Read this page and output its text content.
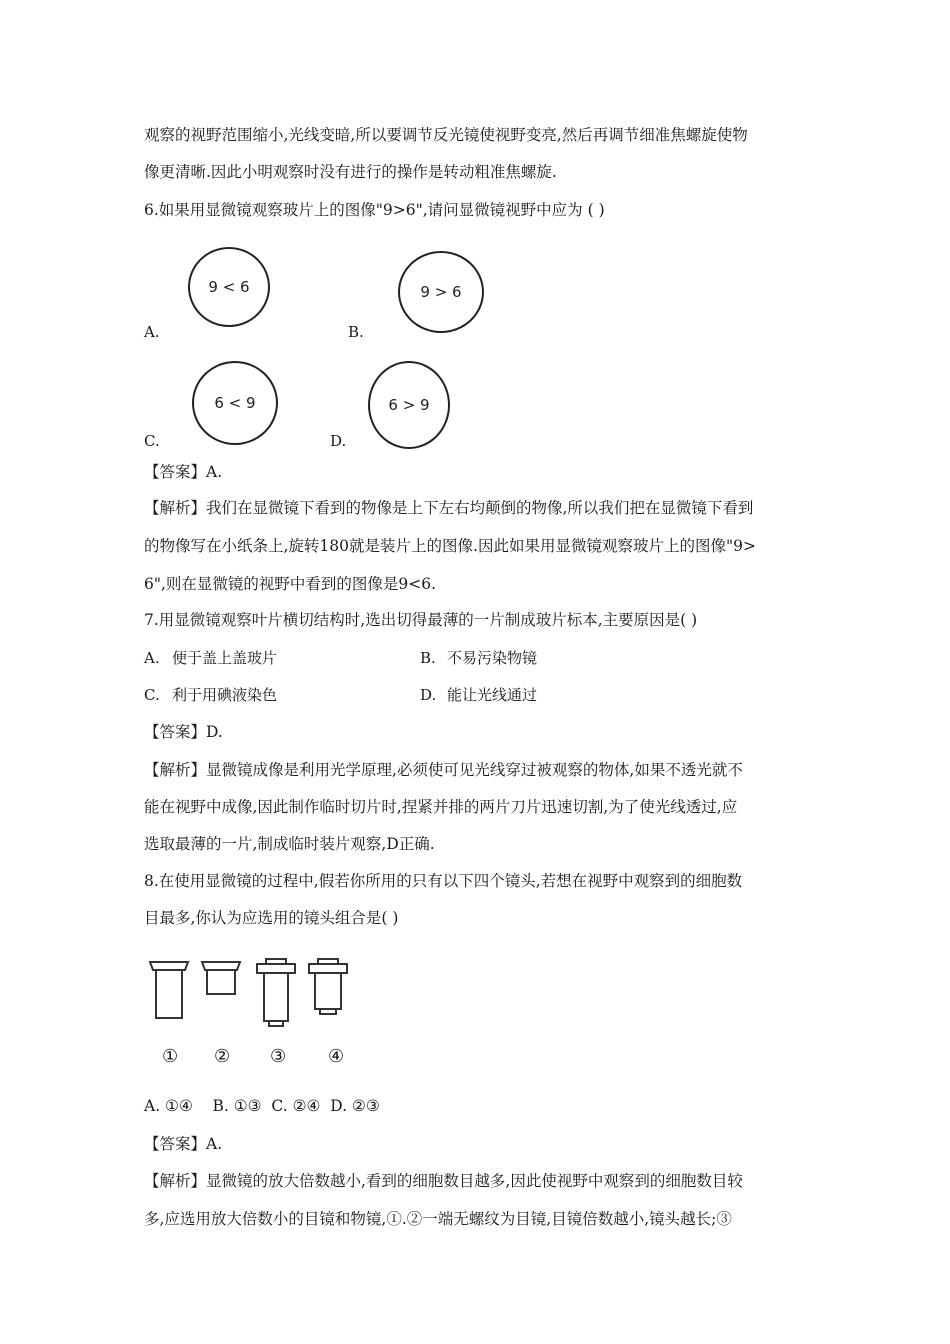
观察的视野范围缩小,光线变暗,所以要调节反光镜使视野变亮,然后再调节细准焦螺旋使物

像更清晰.因此小明观察时没有进行的操作是转动粗准焦螺旋.

6.如果用显微镜观察玻片上的图像"9>6",请问显微镜视野中应为 ( )

A.
9 < 6
B.
9 > 6
C.
6 < 9
D.
6 > 9

【答案】A.

【解析】我们在显微镜下看到的物像是上下左右均颠倒的物像,所以我们把在显微镜下看到

的物像写在小纸条上,旋转180就是装片上的图像.因此如果用显微镜观察玻片上的图像"9>

6",则在显微镜的视野中看到的图像是9<6.

7.用显微镜观察叶片横切结构时,选出切得最薄的一片制成玻片标本,主要原因是( )

A. 便于盖上盖玻片	B. 不易污染物镜
C. 利于用碘液染色	D. 能让光线通过

【答案】D.

【解析】显微镜成像是利用光学原理,必须使可见光线穿过被观察的物体,如果不透光就不

能在视野中成像,因此制作临时切片时,捏紧并排的两片刀片迅速切割,为了使光线透过,应

选取最薄的一片,制成临时装片观察,D正确.

8.在使用显微镜的过程中,假若你所用的只有以下四个镜头,若想在视野中观察到的细胞数

目最多,你认为应选用的镜头组合是( )

① ② ③ ④

A. ①④    B. ①③  C. ②④  D. ②③

【答案】A.

【解析】显微镜的放大倍数越小,看到的细胞数目越多,因此使视野中观察到的细胞数目较

多,应选用放大倍数小的目镜和物镜,①.②一端无螺纹为目镜,目镜倍数越小,镜头越长;③
